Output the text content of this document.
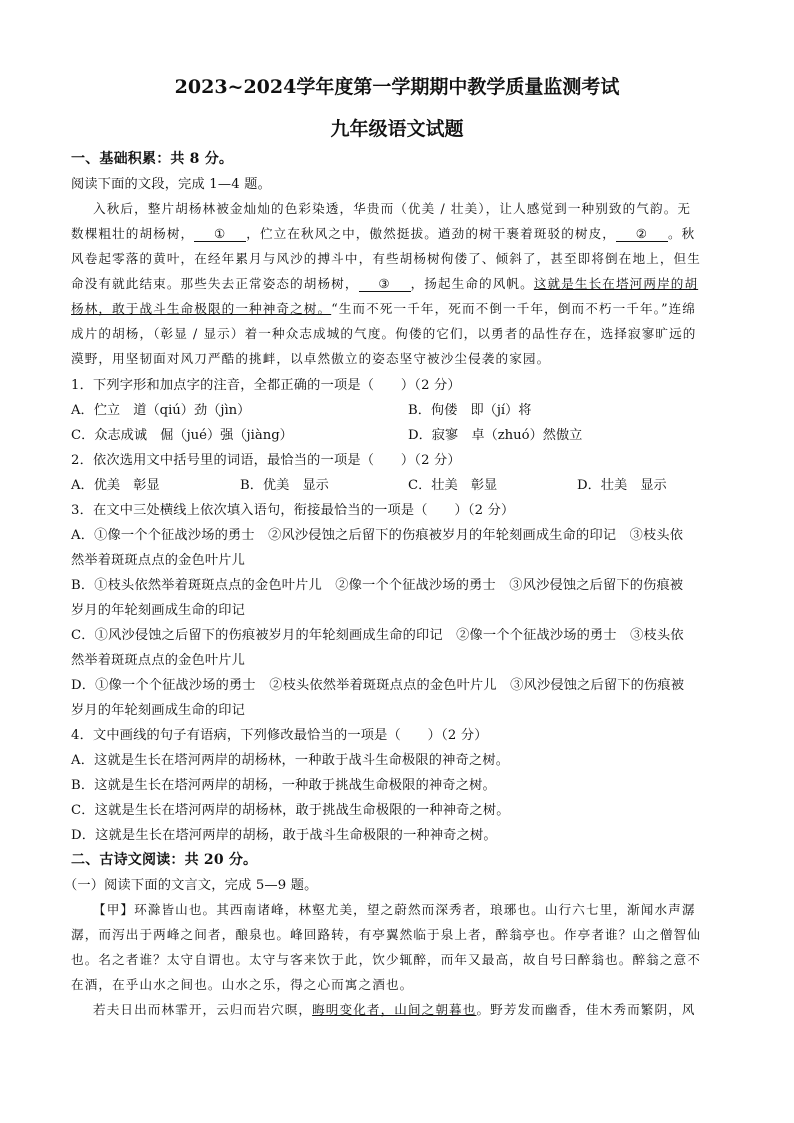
2023~2024学年度第一学期期中教学质量监测考试
九年级语文试题
一、基础积累：共 8 分。
阅读下面的文段，完成 1—4 题。
入秋后，整片胡杨林被金灿灿的色彩染透，华贵而（优美 / 壮美），让人感觉到一种别致的气韵。无
数棵粗壮的胡杨树， ① ，伫立在秋风之中，傲然挺拔。遒劲的树干裹着斑驳的树皮， ② 。秋
风卷起零落的黄叶，在经年累月与风沙的搏斗中，有些胡杨树佝偻了、倾斜了，甚至即将倒在地上，但生
命没有就此结束。那些失去正常姿态的胡杨树， ③ ，扬起生命的风帆。这就是生长在塔河两岸的胡
杨林，敢于战斗生命极限的一种神奇之树。“生而不死一千年，死而不倒一千年，倒而不朽一千年。”连绵
成片的胡杨，（彰显 / 显示）着一种众志成城的气度。佝偻的它们，以勇者的品性存在，选择寂寥旷远的
漠野，用坚韧面对风刀严酷的挑衅，以卓然傲立的姿态坚守被沙尘侵袭的家园。
1．下列字形和加点字的注音，全都正确的一项是（　　）（2 分）
A．伫立　道（qiú）劲（jìn）	B．佝偻　即（jí）将
C．众志成诚　倔（jué）强（jiàng）	D．寂寥　卓（zhuó）然傲立
2．依次选用文中括号里的词语，最恰当的一项是（　　）（2 分）
A．优美　彰显	B．优美　显示	C．壮美　彰显	D．壮美　显示
3．在文中三处横线上依次填入语句，衔接最恰当的一项是（　　）（2 分）
A．①像一个个征战沙场的勇士　②风沙侵蚀之后留下的伤痕被岁月的年轮刻画成生命的印记　③枝头依
然举着斑斑点点的金色叶片儿
B．①枝头依然举着斑斑点点的金色叶片儿　②像一个个征战沙场的勇士　③风沙侵蚀之后留下的伤痕被
岁月的年轮刻画成生命的印记
C．①风沙侵蚀之后留下的伤痕被岁月的年轮刻画成生命的印记　②像一个个征战沙场的勇士　③枝头依
然举着斑斑点点的金色叶片儿
D．①像一个个征战沙场的勇士　②枝头依然举着斑斑点点的金色叶片儿　③风沙侵蚀之后留下的伤痕被
岁月的年轮刻画成生命的印记
4．文中画线的句子有语病，下列修改最恰当的一项是（　　）（2 分）
A．这就是生长在塔河两岸的胡杨林，一种敢于战斗生命极限的神奇之树。
B．这就是生长在塔河两岸的胡杨，一种敢于挑战生命极限的神奇之树。
C．这就是生长在塔河两岸的胡杨林，敢于挑战生命极限的一种神奇之树。
D．这就是生长在塔河两岸的胡杨，敢于战斗生命极限的一种神奇之树。
二、古诗文阅读：共 20 分。
（一）阅读下面的文言文，完成 5—9 题。
【甲】环滁皆山也。其西南诸峰，林壑尤美，望之蔚然而深秀者，琅琊也。山行六七里，渐闻水声潺
潺，而泻出于两峰之间者，酿泉也。峰回路转，有亭翼然临于泉上者，醉翁亭也。作亭者谁？山之僧智仙
也。名之者谁？太守自谓也。太守与客来饮于此，饮少辄醉，而年又最高，故自号曰醉翁也。醉翁之意不
在酒，在乎山水之间也。山水之乐，得之心而寓之酒也。
若夫日出而林霏开，云归而岩穴暝，晦明变化者，山间之朝暮也。野芳发而幽香，佳木秀而繁阴，风
